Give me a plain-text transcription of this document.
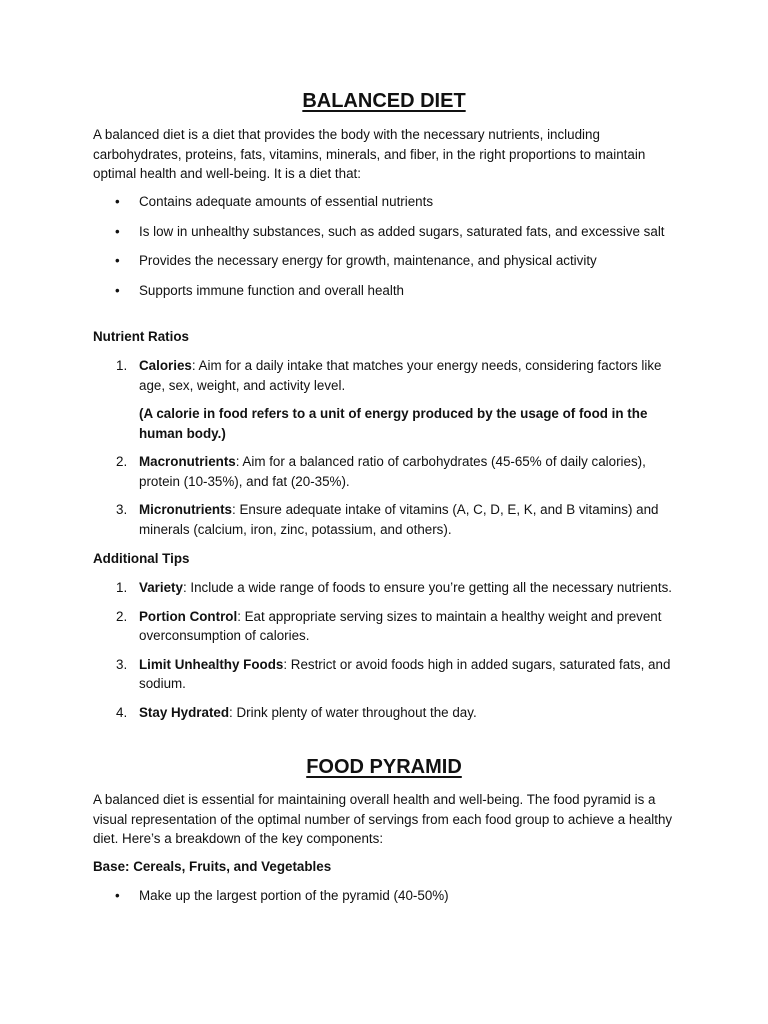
BALANCED DIET

A balanced diet is a diet that provides the body with the necessary nutrients, including carbohydrates, proteins, fats, vitamins, minerals, and fiber, in the right proportions to maintain optimal health and well-being. It is a diet that:

• Contains adequate amounts of essential nutrients
• Is low in unhealthy substances, such as added sugars, saturated fats, and excessive salt
• Provides the necessary energy for growth, maintenance, and physical activity
• Supports immune function and overall health

Nutrient Ratios

1. Calories: Aim for a daily intake that matches your energy needs, considering factors like age, sex, weight, and activity level.
(A calorie in food refers to a unit of energy produced by the usage of food in the human body.)
2. Macronutrients: Aim for a balanced ratio of carbohydrates (45-65% of daily calories), protein (10-35%), and fat (20-35%).
3. Micronutrients: Ensure adequate intake of vitamins (A, C, D, E, K, and B vitamins) and minerals (calcium, iron, zinc, potassium, and others).

Additional Tips

1. Variety: Include a wide range of foods to ensure you’re getting all the necessary nutrients.
2. Portion Control: Eat appropriate serving sizes to maintain a healthy weight and prevent overconsumption of calories.
3. Limit Unhealthy Foods: Restrict or avoid foods high in added sugars, saturated fats, and sodium.
4. Stay Hydrated: Drink plenty of water throughout the day.
FOOD PYRAMID

A balanced diet is essential for maintaining overall health and well-being. The food pyramid is a visual representation of the optimal number of servings from each food group to achieve a healthy diet. Here’s a breakdown of the key components:

Base: Cereals, Fruits, and Vegetables

• Make up the largest portion of the pyramid (40-50%)
